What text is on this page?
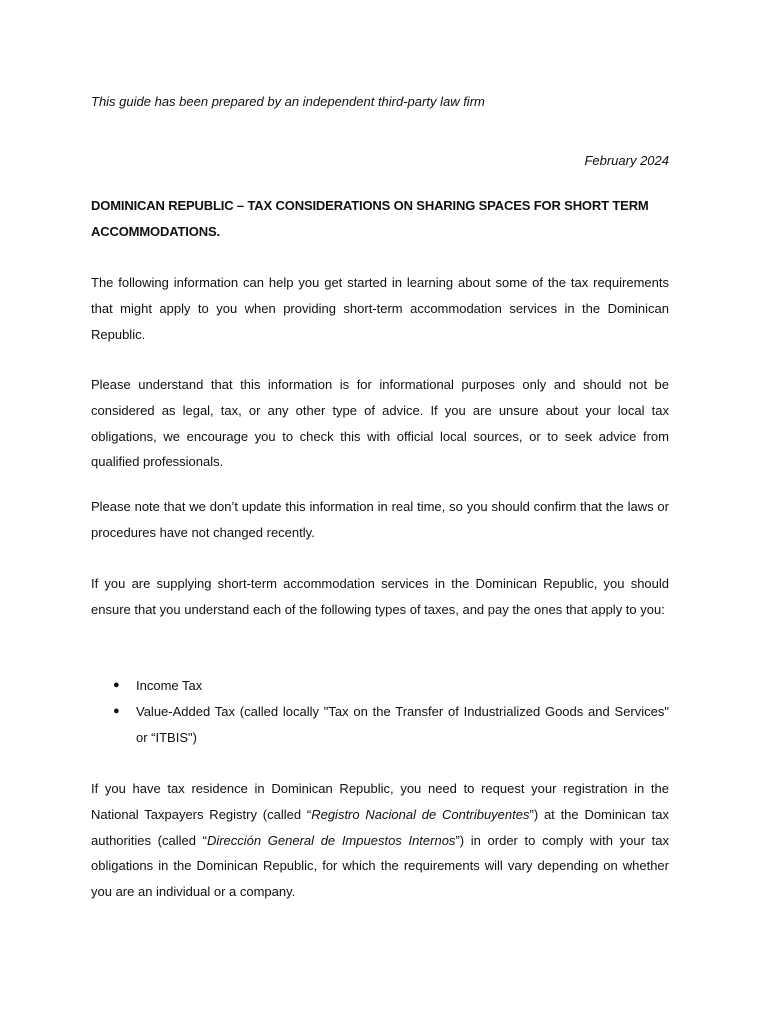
This guide has been prepared by an independent third-party law firm
February 2024
DOMINICAN REPUBLIC – TAX CONSIDERATIONS ON SHARING SPACES FOR SHORT TERM ACCOMMODATIONS.

The following information can help you get started in learning about some of the tax requirements that might apply to you when providing short-term accommodation services in the Dominican Republic.

Please understand that this information is for informational purposes only and should not be considered as legal, tax, or any other type of advice. If you are unsure about your local tax obligations, we encourage you to check this with official local sources, or to seek advice from qualified professionals.

Please note that we don’t update this information in real time, so you should confirm that the laws or procedures have not changed recently.

If you are supplying short-term accommodation services in the Dominican Republic, you should ensure that you understand each of the following types of taxes, and pay the ones that apply to you:

● Income Tax
● Value-Added Tax (called locally "Tax on the Transfer of Industrialized Goods and Services" or “ITBIS")

If you have tax residence in Dominican Republic, you need to request your registration in the National Taxpayers Registry (called “Registro Nacional de Contribuyentes”) at the Dominican tax authorities (called “Dirección General de Impuestos Internos”) in order to comply with your tax obligations in the Dominican Republic, for which the requirements will vary depending on whether you are an individual or a company.
